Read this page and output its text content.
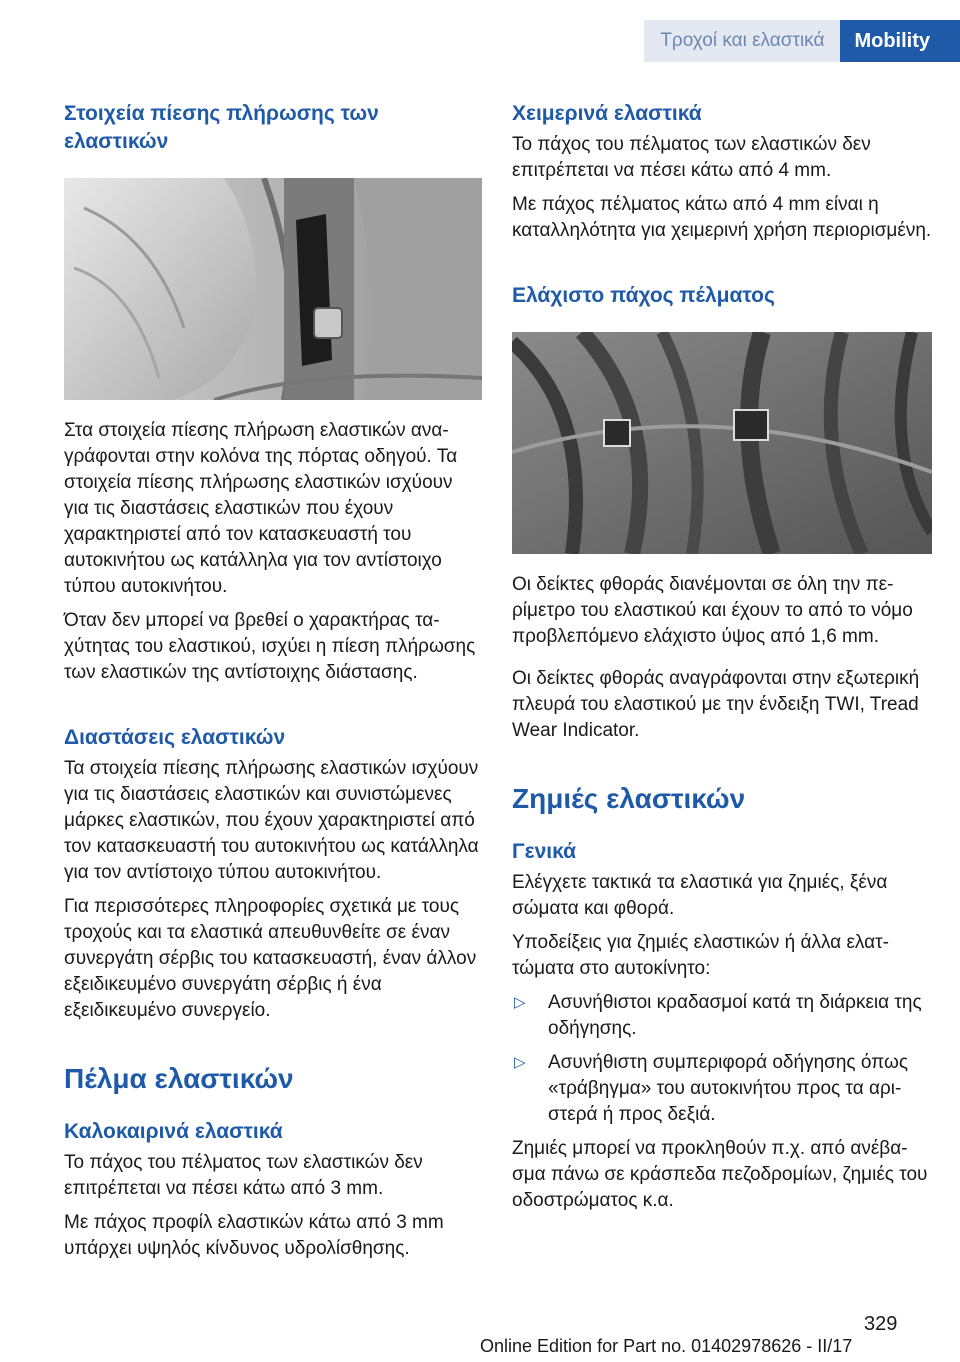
Τροχοί και ελαστικά	Mobility
Στοιχεία πίεσης πλήρωσης των ελαστικών

Στα στοιχεία πίεσης πλήρωση ελαστικών αναγράφονται στην κολόνα της πόρτας οδηγού. Τα στοιχεία πίεσης πλήρωσης ελαστικών ισχύουν για τις διαστάσεις ελαστικών που έχουν χαρακτηριστεί από τον κατασκευαστή του αυτοκινήτου ως κατάλληλα για τον αντίστοιχο τύπου αυτοκινήτου.

Όταν δεν μπορεί να βρεθεί ο χαρακτήρας ταχύτητας του ελαστικού, ισχύει η πίεση πλήρωσης των ελαστικών της αντίστοιχης διάστασης.

Διαστάσεις ελαστικών

Τα στοιχεία πίεσης πλήρωσης ελαστικών ισχύουν για τις διαστάσεις ελαστικών και συνιστώμενες μάρκες ελαστικών, που έχουν χαρακτηριστεί από τον κατασκευαστή του αυτοκινήτου ως κατάλληλα για τον αντίστοιχο τύπου αυτοκινήτου.

Για περισσότερες πληροφορίες σχετικά με τους τροχούς και τα ελαστικά απευθυνθείτε σε έναν συνεργάτη σέρβις του κατασκευαστή, έναν άλλον εξειδικευμένο συνεργάτη σέρβις ή ένα εξειδικευμένο συνεργείο.

Πέλμα ελαστικών
Καλοκαιρινά ελαστικά

Το πάχος του πέλματος των ελαστικών δεν επιτρέπεται να πέσει κάτω από 3 mm.

Με πάχος προφίλ ελαστικών κάτω από 3 mm υπάρχει υψηλός κίνδυνος υδρολίσθησης.

Χειμερινά ελαστικά

Το πάχος του πέλματος των ελαστικών δεν επιτρέπεται να πέσει κάτω από 4 mm.

Με πάχος πέλματος κάτω από 4 mm είναι η καταλληλότητα για χειμερινή χρήση περιορισμένη.

Ελάχιστο πάχος πέλματος

Οι δείκτες φθοράς διανέμονται σε όλη την περίμετρο του ελαστικού και έχουν το από το νόμο προβλεπόμενο ελάχιστο ύψος από 1,6 mm.

Οι δείκτες φθοράς αναγράφονται στην εξωτερική πλευρά του ελαστικού με την ένδειξη TWI, Tread Wear Indicator.

Ζημιές ελαστικών
Γενικά

Ελέγχετε τακτικά τα ελαστικά για ζημιές, ξένα σώματα και φθορά.

Υποδείξεις για ζημιές ελαστικών ή άλλα ελαττώματα στο αυτοκίνητο:

▷ Ασυνήθιστοι κραδασμοί κατά τη διάρκεια της οδήγησης.
▷ Ασυνήθιστη συμπεριφορά οδήγησης όπως «τράβηγμα» του αυτοκινήτου προς τα αριστερά ή προς δεξιά.

Ζημιές μπορεί να προκληθούν π.χ. από ανέβασμα πάνω σε κράσπεδα πεζοδρομίων, ζημιές του οδοστρώματος κ.α.

329
Online Edition for Part no. 01402978626 - II/17
